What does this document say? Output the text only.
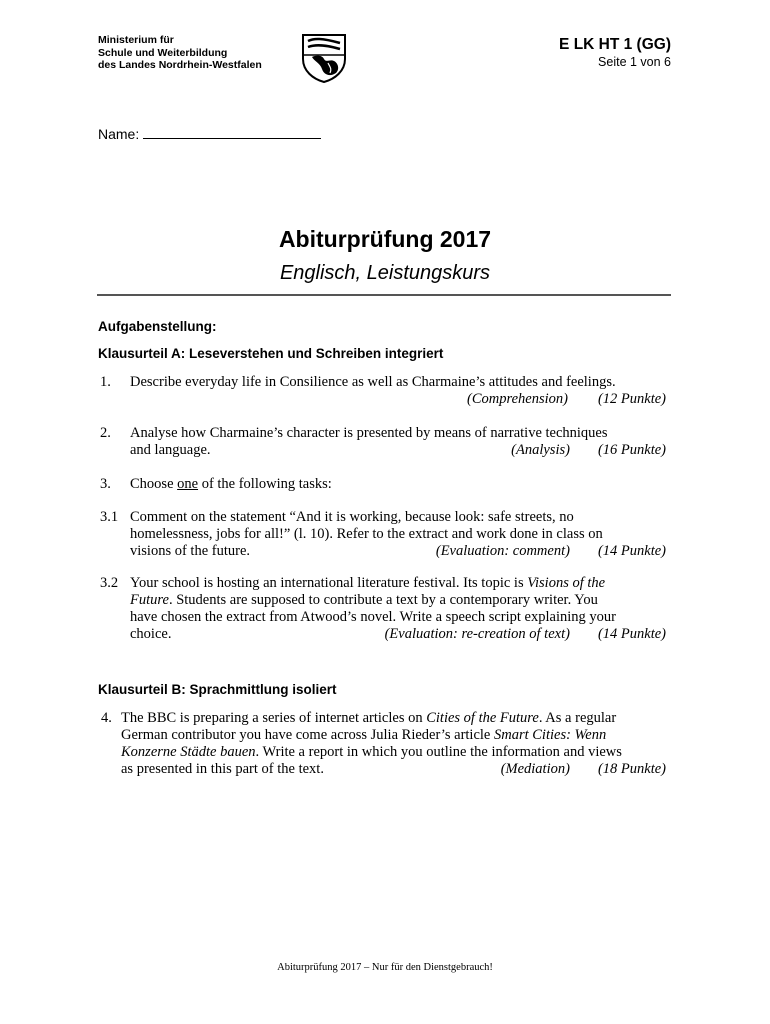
Ministerium für
Schule und Weiterbildung
des Landes Nordrhein-Westfalen
E LK HT 1 (GG)
Seite 1 von 6
Name:
Abiturprüfung 2017
Englisch, Leistungskurs
Aufgabenstellung:
Klausurteil A: Leseverstehen und Schreiben integriert
1. Describe everyday life in Consilience as well as Charmaine’s attitudes and feelings.
(Comprehension) (12 Punkte)
2. Analyse how Charmaine’s character is presented by means of narrative techniques
and language.	(Analysis) (16 Punkte)
3. Choose one of the following tasks:
3.1 Comment on the statement “And it is working, because look: safe streets, no
homelessness, jobs for all!” (l. 10). Refer to the extract and work done in class on
visions of the future.	(Evaluation: comment) (14 Punkte)
3.2 Your school is hosting an international literature festival. Its topic is Visions of the
Future. Students are supposed to contribute a text by a contemporary writer. You
have chosen the extract from Atwood’s novel. Write a speech script explaining your
choice.	(Evaluation: re-creation of text) (14 Punkte)
Klausurteil B: Sprachmittlung isoliert
4. The BBC is preparing a series of internet articles on Cities of the Future. As a regular
German contributor you have come across Julia Rieder’s article Smart Cities: Wenn
Konzerne Städte bauen. Write a report in which you outline the information and views
as presented in this part of the text.	(Mediation) (18 Punkte)
Abiturprüfung 2017 – Nur für den Dienstgebrauch!
